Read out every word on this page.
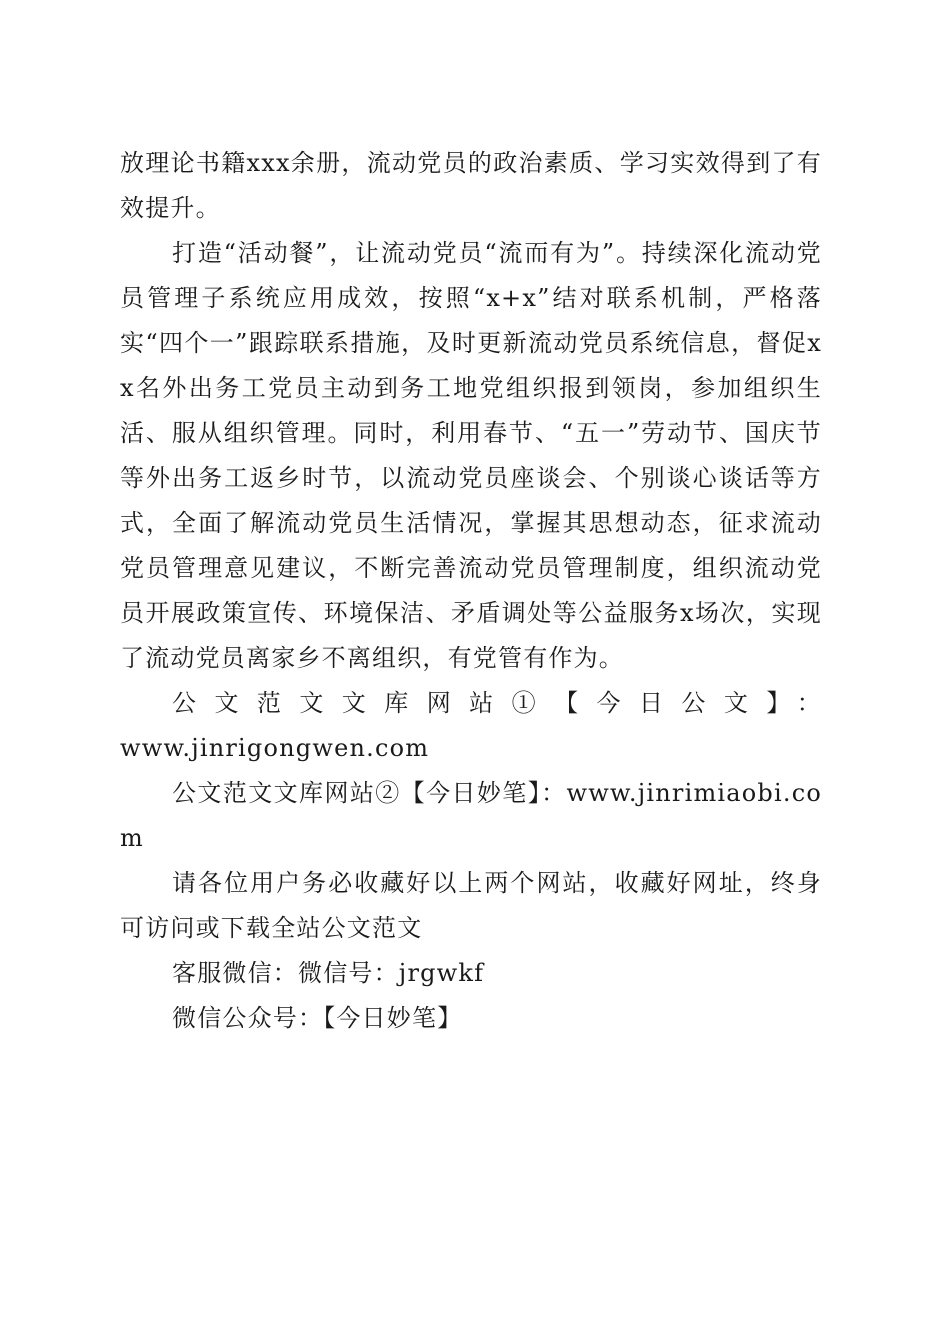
放理论书籍xxx余册，流动党员的政治素质、学习实效得到了有效提升。

打造“活动餐”，让流动党员“流而有为”。持续深化流动党员管理子系统应用成效，按照“x+x”结对联系机制，严格落实“四个一”跟踪联系措施，及时更新流动党员系统信息，督促xx名外出务工党员主动到务工地党组织报到领岗，参加组织生活、服从组织管理。同时，利用春节、“五一”劳动节、国庆节等外出务工返乡时节，以流动党员座谈会、个别谈心谈话等方式，全面了解流动党员生活情况，掌握其思想动态，征求流动党员管理意见建议，不断完善流动党员管理制度，组织流动党员开展政策宣传、环境保洁、矛盾调处等公益服务x场次，实现了流动党员离家乡不离组织，有党管有作为。

公文范文文库网站①【今日公文】：

www.jinrigongwen.com

公文范文文库网站②【今日妙笔】：www.jinrimiaobi.com

请各位用户务必收藏好以上两个网站，收藏好网址，终身可访问或下载全站公文范文

客服微信：微信号：jrgwkf

微信公众号：【今日妙笔】
